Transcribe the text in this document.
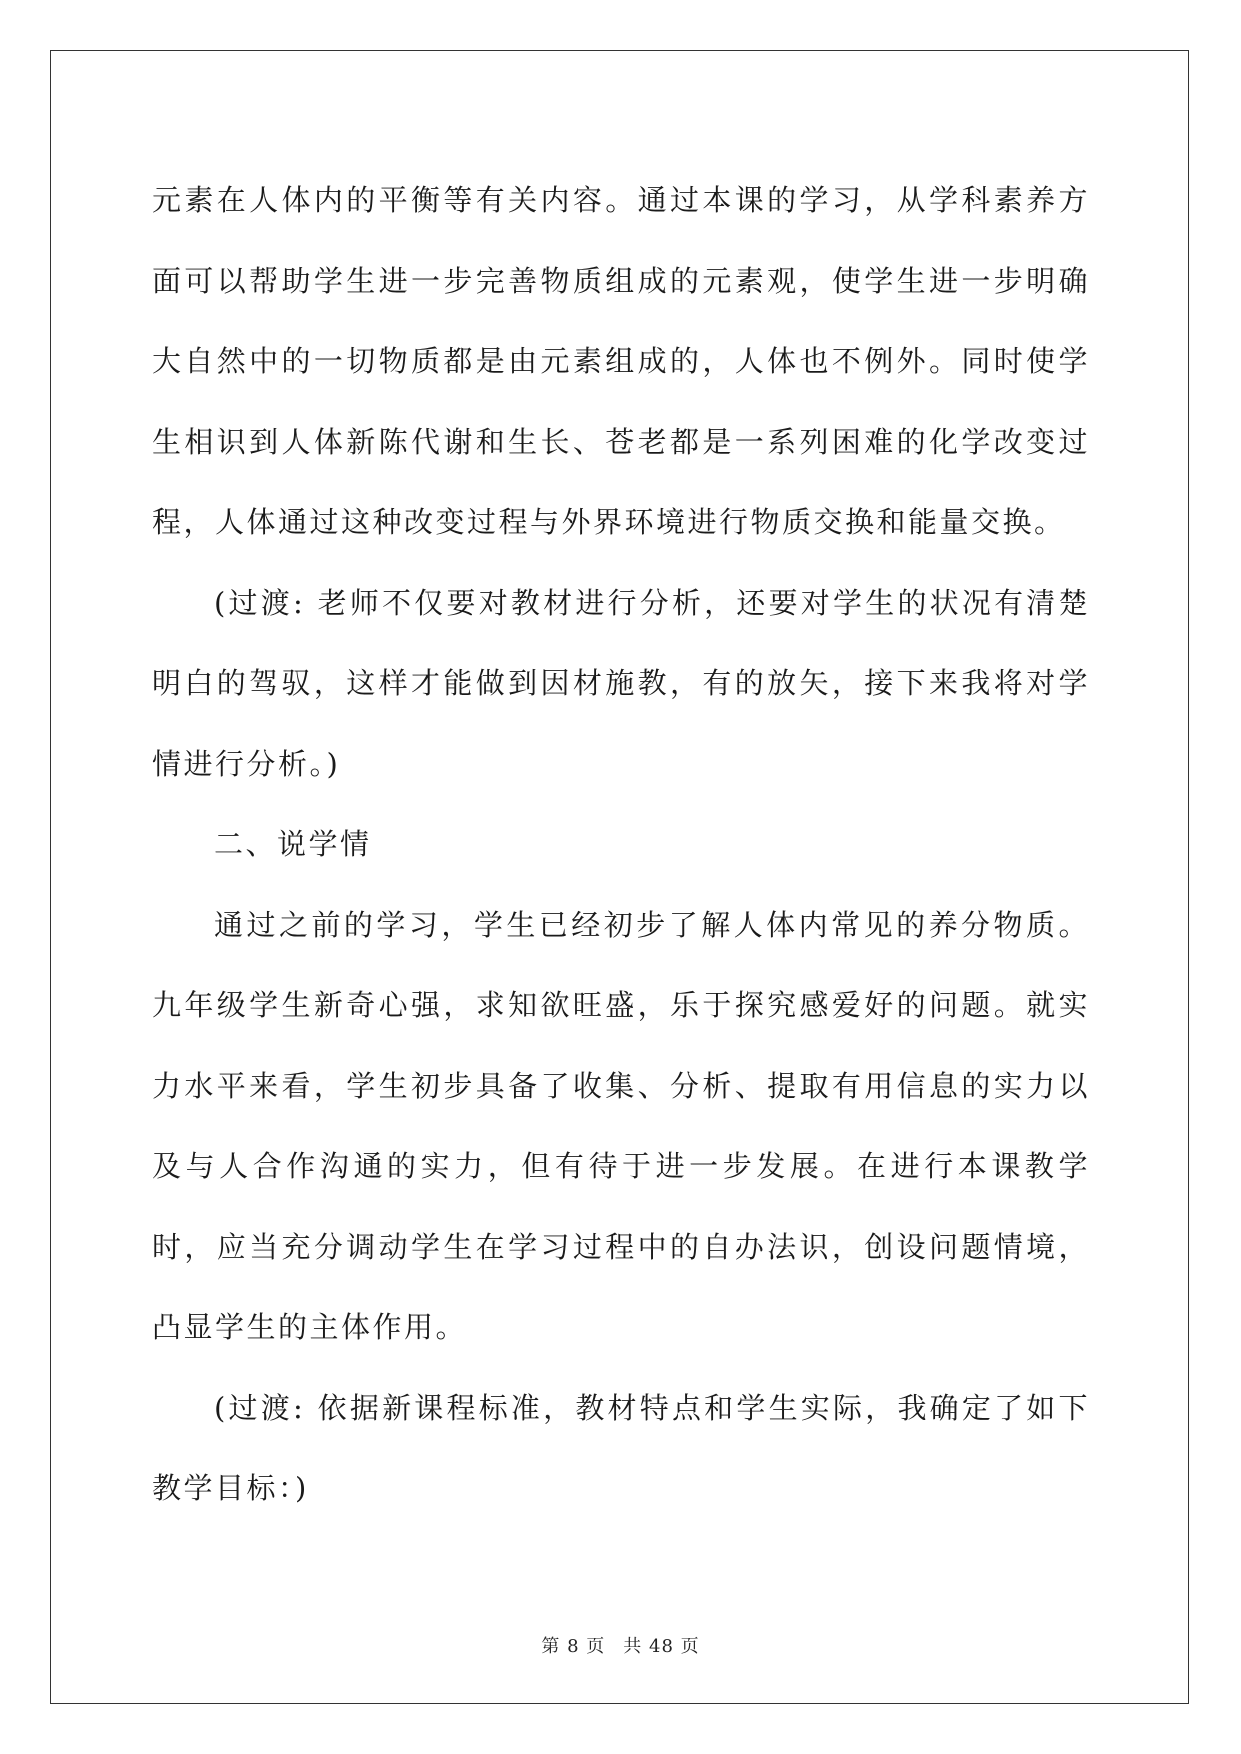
元素在人体内的平衡等有关内容。通过本课的学习，从学科素养方面可以帮助学生进一步完善物质组成的元素观，使学生进一步明确大自然中的一切物质都是由元素组成的，人体也不例外。同时使学生相识到人体新陈代谢和生长、苍老都是一系列困难的化学改变过程，人体通过这种改变过程与外界环境进行物质交换和能量交换。

(过渡: 老师不仅要对教材进行分析，还要对学生的状况有清楚明白的驾驭，这样才能做到因材施教，有的放矢，接下来我将对学情进行分析。)

二、说学情

通过之前的学习，学生已经初步了解人体内常见的养分物质。九年级学生新奇心强，求知欲旺盛，乐于探究感爱好的问题。就实力水平来看，学生初步具备了收集、分析、提取有用信息的实力以及与人合作沟通的实力，但有待于进一步发展。在进行本课教学时，应当充分调动学生在学习过程中的自办法识，创设问题情境，凸显学生的主体作用。

(过渡: 依据新课程标准，教材特点和学生实际，我确定了如下教学目标：)

第 8 页 共 48 页
